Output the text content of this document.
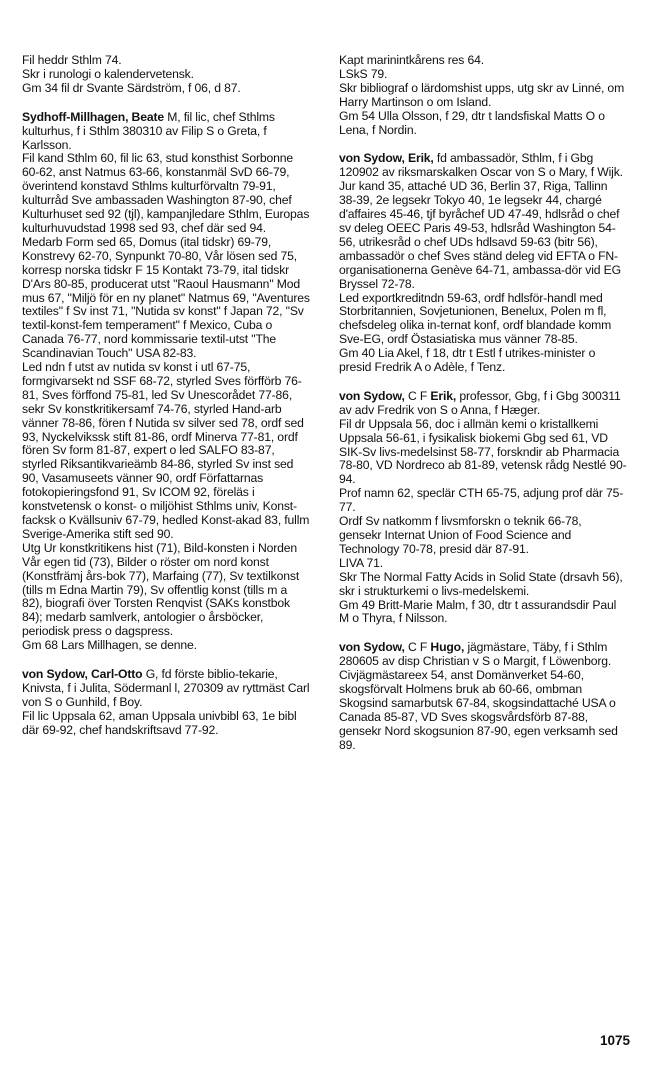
Fil heddr Sthlm 74.
Skr i runologi o kalendervetensk.
Gm 34 fil dr Svante Särdström, f 06, d 87.

Sydhoff-Millhagen, Beate M, fil lic, chef Sthlms kulturhus, f i Sthlm 380310 av Filip S o Greta, f Karlsson.

Fil kand Sthlm 60, fil lic 63, stud konsthist Sorbonne 60-62, anst Natmus 63-66, konstanmäl SvD 66-79, överintend konstavd Sthlms kulturförvaltn 79-91, kulturråd Sve ambassaden Washington 87-90, chef Kulturhuset sed 92 (tjl), kampanjledare Sthlm, Europas kulturhuvudstad 1998 sed 93, chef där sed 94.

Medarb Form sed 65, Domus (ital tidskr) 69-79, Konstrevy 62-70, Synpunkt 70-80, Vår lösen sed 75, korresp norska tidskr F 15 Kontakt 73-79, ital tidskr D'Ars 80-85, producerat utst "Raoul Hausmann" Mod mus 67, "Miljö för en ny planet" Natmus 69, "Aventures textiles" f Sv inst 71, "Nutida sv konst" f Japan 72, "Sv textil-konst-fem temperament" f Mexico, Cuba o Canada 76-77, nord kommissarie textil-utst "The Scandinavian Touch" USA 82-83.

Led ndn f utst av nutida sv konst i utl 67-75, formgivarsekt nd SSF 68-72, styrled Sves förfförb 76-81, Sves förffond 75-81, led Sv Unescorådet 77-86, sekr Sv konstkritikersamf 74-76, styrled Hand-arb vänner 78-86, fören f Nutida sv silver sed 78, ordf sed 93, Nyckelvikssk stift 81-86, ordf Minerva 77-81, ordf fören Sv form 81-87, expert o led SALFO 83-87, styrled Riksantikvarieämb 84-86, styrled Sv inst sed 90, Vasamuseets vänner 90, ordf Författarnas fotokopieringsfond 91, Sv ICOM 92, föreläs i konstvetensk o konst- o miljöhist Sthlms univ, Konst-facksk o Kvällsuniv 67-79, hedled Konst-akad 83, fullm Sverige-Amerika stift sed 90.

Utg Ur konstkritikens hist (71), Bild-konsten i Norden Vår egen tid (73), Bilder o röster om nord konst (Konstfrämj års-bok 77), Marfaing (77), Sv textilkonst (tills m Edna Martin 79), Sv offentlig konst (tills m a 82), biografi över Torsten Renqvist (SAKs konstbok 84); medarb samlverk, antologier o årsböcker, periodisk press o dagspress.

Gm 68 Lars Millhagen, se denne.

von Sydow, Carl-Otto G, fd förste biblio-tekarie, Knivsta, f i Julita, Södermanl l, 270309 av ryttmäst Carl von S o Gunhild, f Boy.

Fil lic Uppsala 62, aman Uppsala univbibl 63, 1e bibl där 69-92, chef handskriftsavd 77-92.

Kapt marinintkårens res 64.
LSkS 79.

Skr bibliograf o lärdomshist upps, utg skr av Linné, om Harry Martinson o om Island.

Gm 54 Ulla Olsson, f 29, dtr t landsfiskal Matts O o Lena, f Nordin.

von Sydow, Erik, fd ambassadör, Sthlm, f i Gbg 120902 av riksmarskalken Oscar von S o Mary, f Wijk.

Jur kand 35, attaché UD 36, Berlin 37, Riga, Tallinn 38-39, 2e legsekr Tokyo 40, 1e legsekr 44, chargé d'affaires 45-46, tjf byråchef UD 47-49, hdlsråd o chef sv deleg OEEC Paris 49-53, hdlsråd Washington 54-56, utrikesråd o chef UDs hdlsavd 59-63 (bitr 56), ambassadör o chef Sves ständ deleg vid EFTA o FN-organisationerna Genève 64-71, ambassa-dör vid EG Bryssel 72-78.

Led exportkreditndn 59-63, ordf hdlsför-handl med Storbritannien, Sovjetunionen, Benelux, Polen m fl, chefsdeleg olika in-ternat konf, ordf blandade komm Sve-EG, ordf Östasiatiska mus vänner 78-85.

Gm 40 Lia Akel, f 18, dtr t Estl f utrikes-minister o presid Fredrik A o Adèle, f Tenz.

von Sydow, C F Erik, professor, Gbg, f i Gbg 300311 av adv Fredrik von S o Anna, f Hæger.

Fil dr Uppsala 56, doc i allmän kemi o kristallkemi Uppsala 56-61, i fysikalisk biokemi Gbg sed 61, VD SIK-Sv livs-medelsinst 58-77, forskndir ab Pharmacia 78-80, VD Nordreco ab 81-89, vetensk rådg Nestlé 90-94.

Prof namn 62, speclär CTH 65-75, adjung prof där 75-77.

Ordf Sv natkomm f livsmforskn o teknik 66-78, gensekr Internat Union of Food Science and Technology 70-78, presid där 87-91.

LIVA 71.

Skr The Normal Fatty Acids in Solid State (drsavh 56), skr i strukturkemi o livs-medelskemi.

Gm 49 Britt-Marie Malm, f 30, dtr t assurandsdir Paul M o Thyra, f Nilsson.

von Sydow, C F Hugo, jägmästare, Täby, f i Sthlm 280605 av disp Christian v S o Margit, f Löwenborg.

Civjägmästareex 54, anst Domänverket 54-60, skogsförvalt Holmens bruk ab 60-66, ombman Skogsind samarbutsk 67-84, skogsindattaché USA o Canada 85-87, VD Sves skogsvårdsförb 87-88, gensekr Nord skogsunion 87-90, egen verksamh sed 89.

1075
